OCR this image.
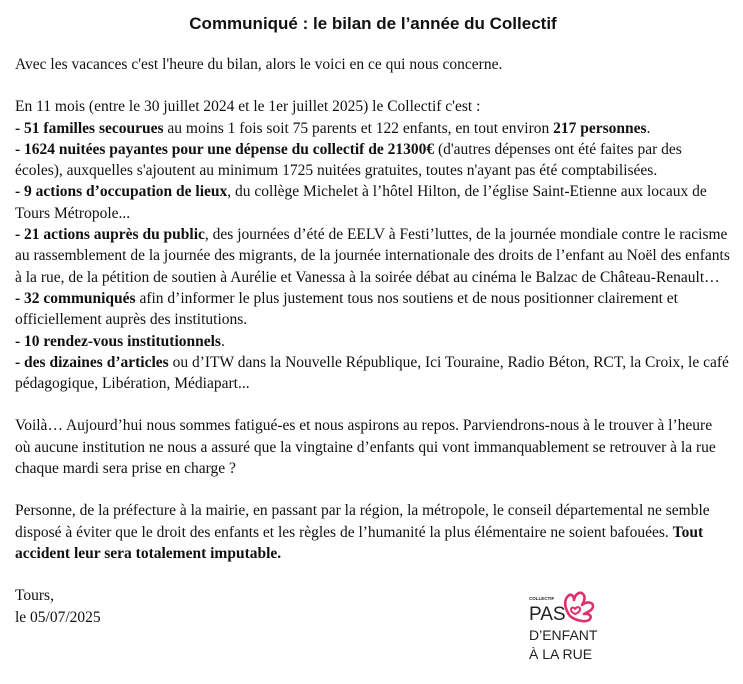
Communiqué : le bilan de l’année du Collectif

Avec les vacances c'est l'heure du bilan, alors le voici en ce qui nous concerne.

En 11 mois (entre le 30 juillet 2024 et le 1er juillet 2025) le Collectif c'est :

- 51 familles secourues au moins 1 fois soit 75 parents et 122 enfants, en tout environ 217 personnes.

- 1624 nuitées payantes pour une dépense du collectif de 21300€ (d'autres dépenses ont été faites par des écoles), auxquelles s'ajoutent au minimum 1725 nuitées gratuites, toutes n'ayant pas été comptabilisées.

- 9 actions d’occupation de lieux, du collège Michelet à l’hôtel Hilton, de l’église Saint-Etienne aux locaux de Tours Métropole...

- 21 actions auprès du public, des journées d’été de EELV à Festi’luttes, de la journée mondiale contre le racisme au rassemblement de la journée des migrants, de la journée internationale des droits de l’enfant au Noël des enfants à la rue, de la pétition de soutien à Aurélie et Vanessa à la soirée débat au cinéma le Balzac de Château-Renault…

- 32 communiqués afin d’informer le plus justement tous nos soutiens et de nous positionner clairement et officiellement auprès des institutions.

- 10 rendez-vous institutionnels.

- des dizaines d’articles ou d’ITW dans la Nouvelle République, Ici Touraine, Radio Béton, RCT, la Croix, le café pédagogique, Libération, Médiapart...

Voilà… Aujourd’hui nous sommes fatigué-es et nous aspirons au repos. Parviendrons-nous à le trouver à l’heure où aucune institution ne nous a assuré que la vingtaine d’enfants qui vont immanquablement se retrouver à la rue chaque mardi sera prise en charge ?

Personne, de la préfecture à la mairie, en passant par la région, la métropole, le conseil départemental ne semble disposé à éviter que le droit des enfants et les règles de l’humanité la plus élémentaire ne soient bafouées. Tout accident leur sera totalement imputable.

Tours,

le 05/07/2025

COLLECTIF
PAS
D’ENFANT
À LA RUE
